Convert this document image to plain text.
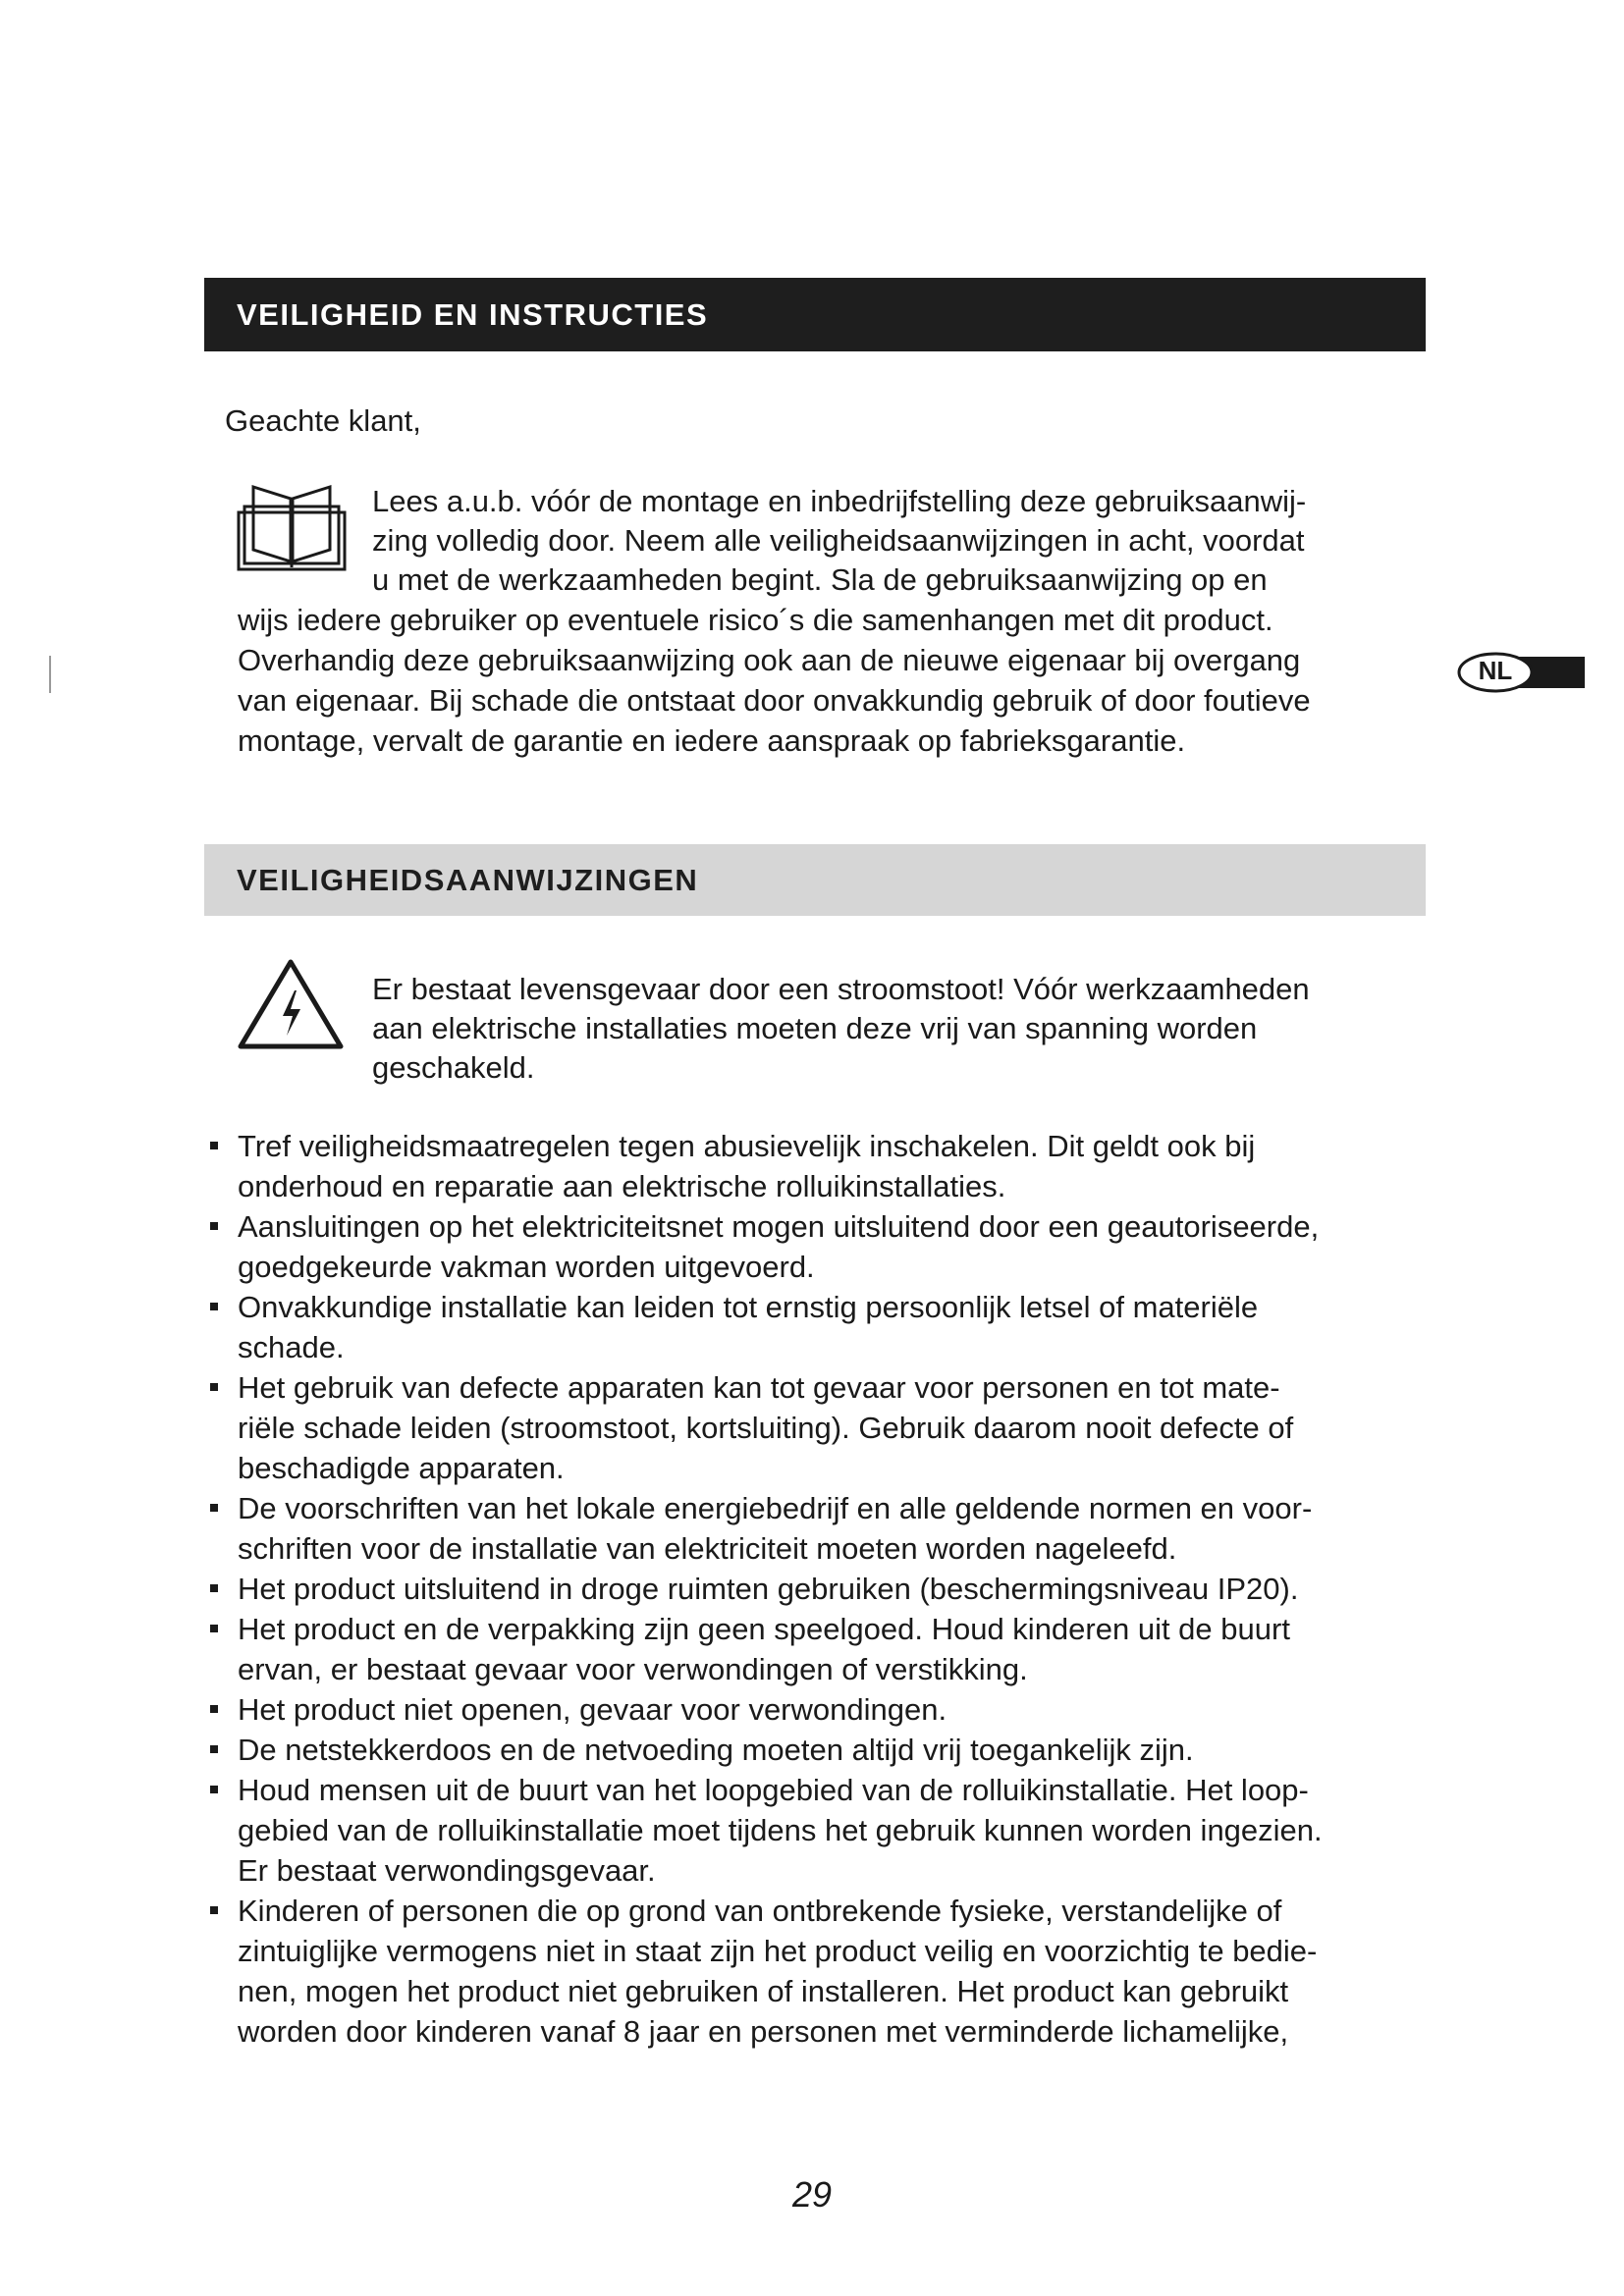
VEILIGHEID EN INSTRUCTIES
Geachte klant,
Lees a.u.b. vóór de montage en inbedrijfstelling deze gebruiksaanwij-
zing volledig door. Neem alle veiligheidsaanwijzingen in acht, voordat
u met de werkzaamheden begint. Sla de gebruiksaanwijzing op en
wijs iedere gebruiker op eventuele risico´s die samenhangen met dit product.
Overhandig deze gebruiksaanwijzing ook aan de nieuwe eigenaar bij overgang
van eigenaar. Bij schade die ontstaat door onvakkundig gebruik of door foutieve
montage, vervalt de garantie en iedere aanspraak op fabrieksgarantie.
NL
VEILIGHEIDSAANWIJZINGEN
Er bestaat levensgevaar door een stroomstoot! Vóór werkzaamheden
aan elektrische installaties moeten deze vrij van spanning worden
geschakeld.
Tref veiligheidsmaatregelen tegen abusievelijk inschakelen. Dit geldt ook bij
onderhoud en reparatie aan elektrische rolluikinstallaties.
Aansluitingen op het elektriciteitsnet mogen uitsluitend door een geautoriseerde,
goedgekeurde vakman worden uitgevoerd.
Onvakkundige installatie kan leiden tot ernstig persoonlijk letsel of materiële
schade.
Het gebruik van defecte apparaten kan tot gevaar voor personen en tot mate-
riële schade leiden (stroomstoot, kortsluiting). Gebruik daarom nooit defecte of
beschadigde apparaten.
De voorschriften van het lokale energiebedrijf en alle geldende normen en voor-
schriften voor de installatie van elektriciteit moeten worden nageleefd.
Het product uitsluitend in droge ruimten gebruiken (beschermingsniveau IP20).
Het product en de verpakking zijn geen speelgoed. Houd kinderen uit de buurt
ervan, er bestaat gevaar voor verwondingen of verstikking.
Het product niet openen, gevaar voor verwondingen.
De netstekkerdoos en de netvoeding moeten altijd vrij toegankelijk zijn.
Houd mensen uit de buurt van het loopgebied van de rolluikinstallatie. Het loop-
gebied van de rolluikinstallatie moet tijdens het gebruik kunnen worden ingezien.
Er bestaat verwondingsgevaar.
Kinderen of personen die op grond van ontbrekende fysieke, verstandelijke of
zintuiglijke vermogens niet in staat zijn het product veilig en voorzichtig te bedie-
nen, mogen het product niet gebruiken of installeren. Het product kan gebruikt
worden door kinderen vanaf 8 jaar en personen met verminderde lichamelijke,
29
